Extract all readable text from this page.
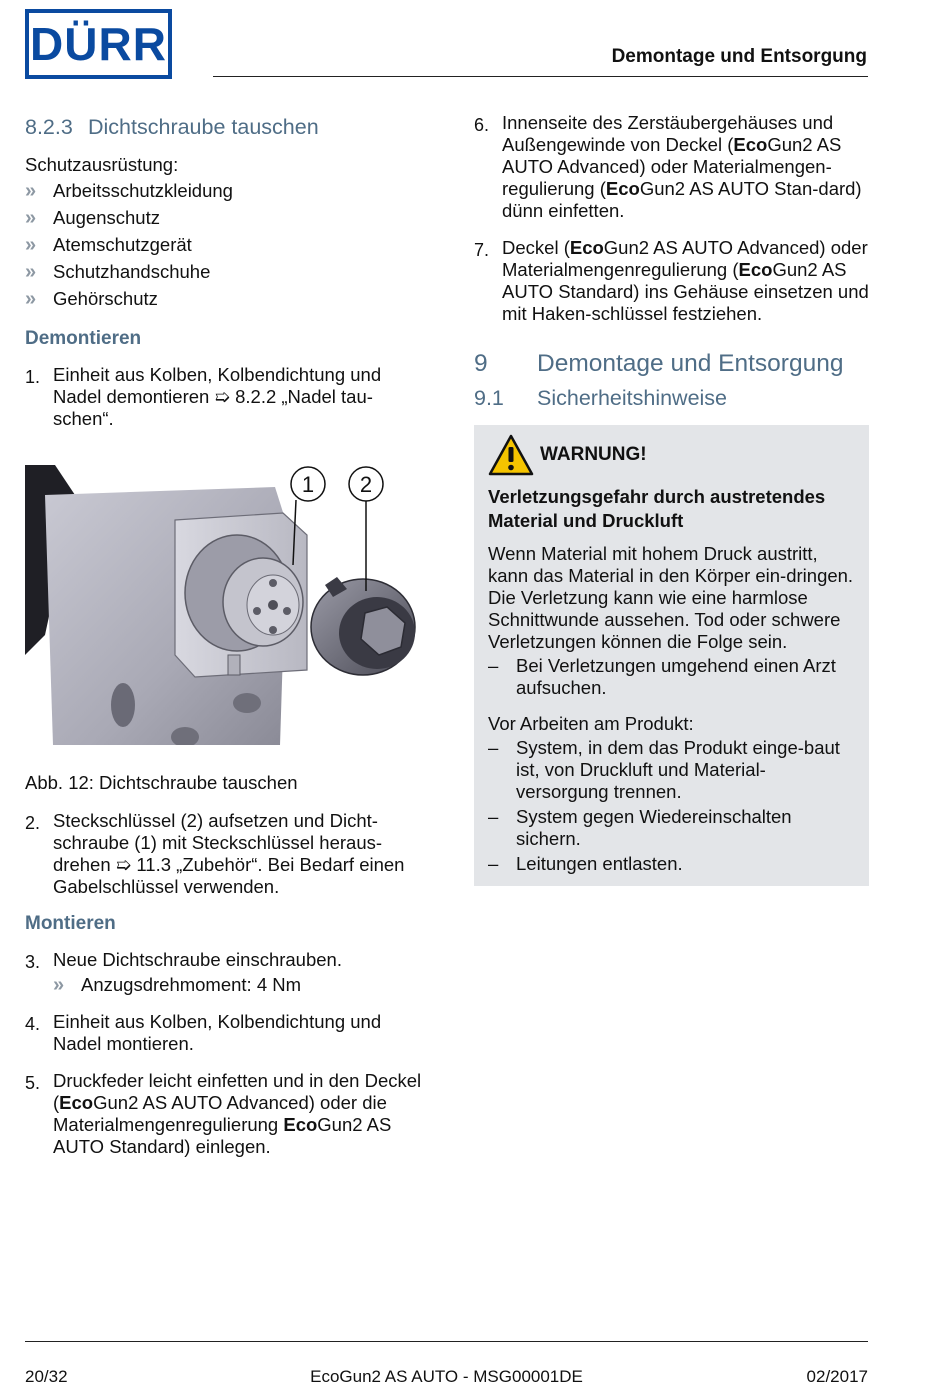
DÜRR	Demontage und Entsorgung
8.2.3 Dichtschraube tauschen

Schutzausrüstung:

» Arbeitsschutzkleidung
» Augenschutz
» Atemschutzgerät
» Schutzhandschuhe
» Gehörschutz
Demontieren
1. Einheit aus Kolben, Kolbendichtung und Nadel demontieren ➯ 8.2.2 „Nadel tau-schen“.
1 2

Abb. 12: Dichtschraube tauschen

2. Steckschlüssel (2) aufsetzen und Dicht-schraube (1) mit Steckschlüssel heraus-drehen ➯ 11.3 „Zubehör“. Bei Bedarf einen Gabelschlüssel verwenden.
Montieren
3. Neue Dichtschraube einschrauben.
» Anzugsdrehmoment: 4 Nm
4. Einheit aus Kolben, Kolbendichtung und Nadel montieren.
5. Druckfeder leicht einfetten und in den Deckel (EcoGun2 AS AUTO Advanced) oder die Materialmengenregulierung EcoGun2 AS AUTO Standard) einlegen.
6. Innenseite des Zerstäubergehäuses und Außengewinde von Deckel (EcoGun2 AS AUTO Advanced) oder Materialmengen-regulierung (EcoGun2 AS AUTO Stan-dard) dünn einfetten.
7. Deckel (EcoGun2 AS AUTO Advanced) oder Materialmengenregulierung (EcoGun2 AS AUTO Standard) ins Gehäuse einsetzen und mit Haken-schlüssel festziehen.
9 Demontage und Entsorgung
9.1 Sicherheitshinweise
WARNUNG!
Verletzungsgefahr durch austretendes Material und Druckluft

Wenn Material mit hohem Druck austritt, kann das Material in den Körper ein-dringen. Die Verletzung kann wie eine harmlose Schnittwunde aussehen. Tod oder schwere Verletzungen können die Folge sein.

– Bei Verletzungen umgehend einen Arzt aufsuchen.

Vor Arbeiten am Produkt:

– System, in dem das Produkt einge-baut ist, von Druckluft und Material-versorgung trennen.
– System gegen Wiedereinschalten sichern.
– Leitungen entlasten.
20/32	EcoGun2 AS AUTO - MSG00001DE	02/2017
